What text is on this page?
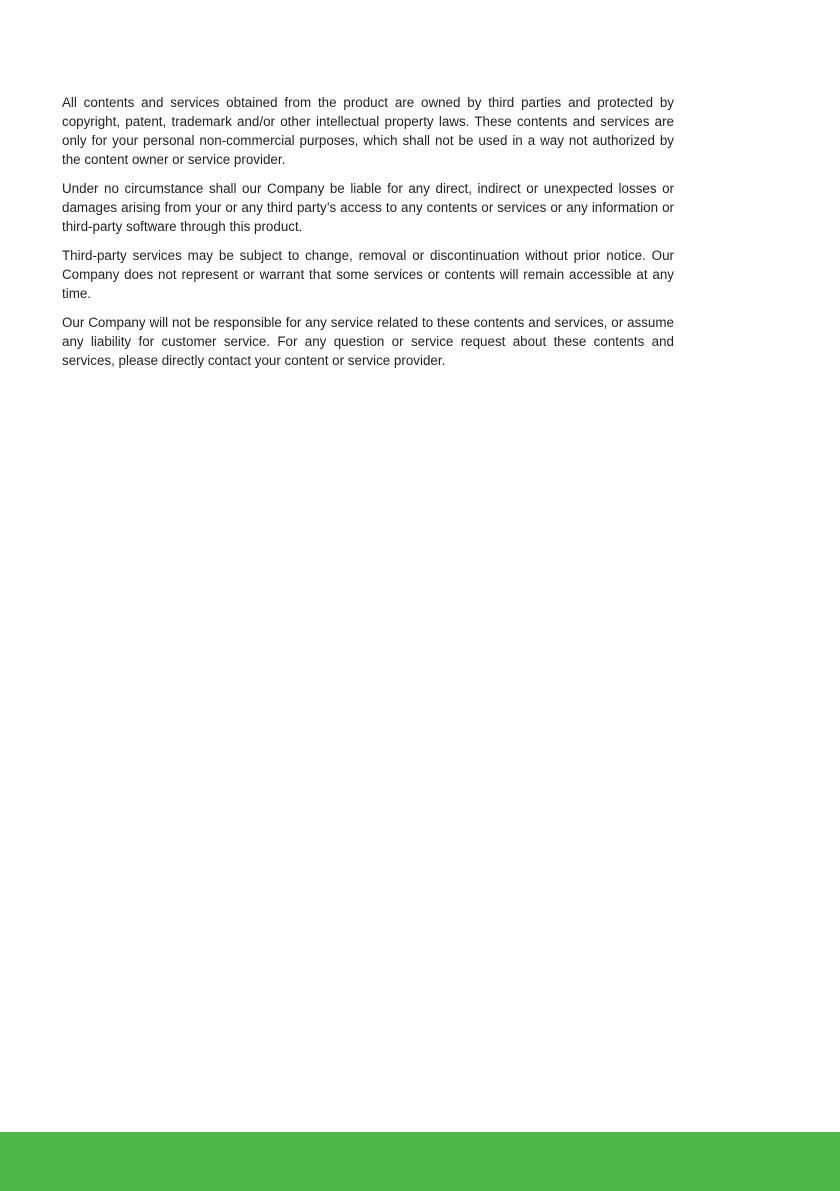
All contents and services obtained from the product are owned by third parties and protected by copyright, patent, trademark and/or other intellectual property laws. These contents and services are only for your personal non-commercial purposes, which shall not be used in a way not authorized by the content owner or service provider.

Under no circumstance shall our Company be liable for any direct, indirect or unexpected losses or damages arising from your or any third party’s access to any contents or services or any information or third-party software through this product.

Third-party services may be subject to change, removal or discontinuation without prior notice. Our Company does not represent or warrant that some services or contents will remain accessible at any time.

Our Company will not be responsible for any service related to these contents and services, or assume any liability for customer service. For any question or service request about these contents and services, please directly contact your content or service provider.
